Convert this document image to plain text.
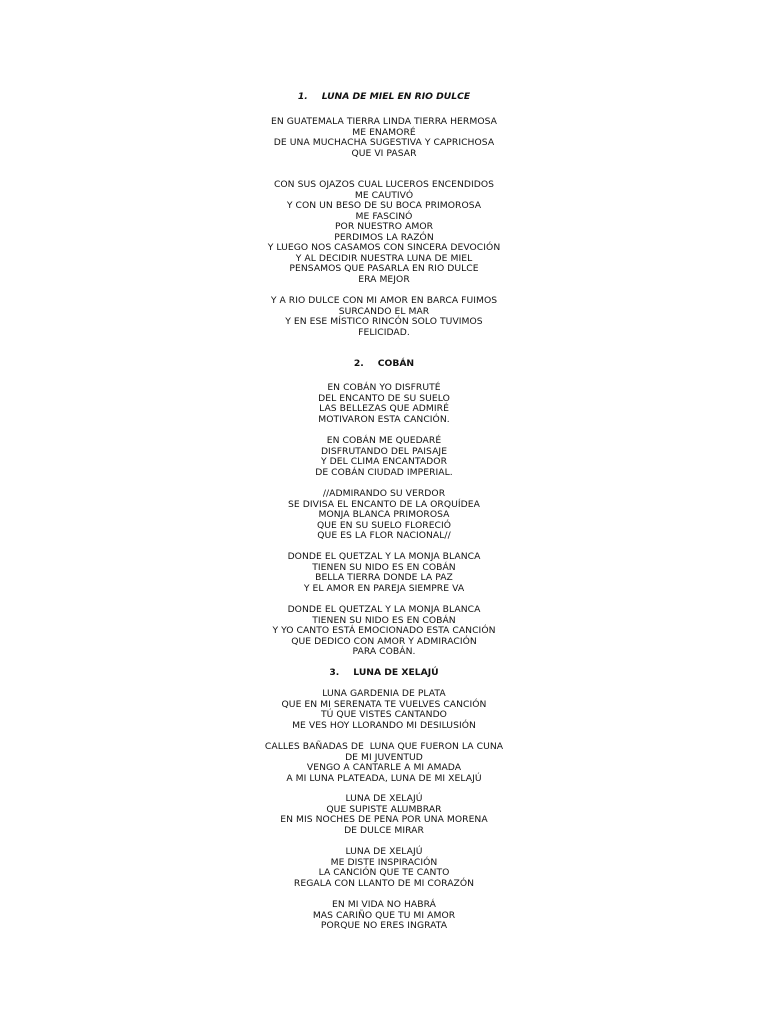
1. LUNA DE MIEL EN RIO DULCE
EN GUATEMALA TIERRA LINDA TIERRA HERMOSA
ME ENAMORÉ
DE UNA MUCHACHA SUGESTIVA Y CAPRICHOSA
QUE VI PASAR
CON SUS OJAZOS CUAL LUCEROS ENCENDIDOS
ME CAUTIVÓ
Y CON UN BESO DE SU BOCA PRIMOROSA
ME FASCINÓ
POR NUESTRO AMOR
PERDIMOS LA RAZÓN
Y LUEGO NOS CASAMOS CON SINCERA DEVOCIÓN
Y AL DECIDIR NUESTRA LUNA DE MIEL
PENSAMOS QUE PASARLA EN RIO DULCE
ERA MEJOR
Y A RIO DULCE CON MI AMOR EN BARCA FUIMOS
SURCANDO EL MAR
Y EN ESE MÍSTICO RINCÓN SOLO TUVIMOS
FELICIDAD.
2. COBÁN
EN COBÁN YO DISFRUTÉ
DEL ENCANTO DE SU SUELO
LAS BELLEZAS QUE ADMIRÉ
MOTIVARON ESTA CANCIÓN.
EN COBÁN ME QUEDARÉ
DISFRUTANDO DEL PAISAJE
Y DEL CLIMA ENCANTADOR
DE COBÁN CIUDAD IMPERIAL.
//ADMIRANDO SU VERDOR
SE DIVISA EL ENCANTO DE LA ORQUÍDEA
MONJA BLANCA PRIMOROSA
QUE EN SU SUELO FLORECIÓ
QUE ES LA FLOR NACIONAL//
DONDE EL QUETZAL Y LA MONJA BLANCA
TIENEN SU NIDO ES EN COBÁN
BELLA TIERRA DONDE LA PAZ
Y EL AMOR EN PAREJA SIEMPRE VA
DONDE EL QUETZAL Y LA MONJA BLANCA
TIENEN SU NIDO ES EN COBÁN
Y YO CANTO ESTÁ EMOCIONADO ESTA CANCIÓN
QUE DEDICO CON AMOR Y ADMIRACIÓN
PARA COBÁN.
3. LUNA DE XELAJÚ
LUNA GARDENIA DE PLATA
QUE EN MI SERENATA TE VUELVES CANCIÓN
TÚ QUE VISTES CANTANDO
ME VES HOY LLORANDO MI DESILUSIÓN
CALLES BAÑADAS DE  LUNA QUE FUERON LA CUNA
DE MI JUVENTUD
VENGO A CANTARLE A MI AMADA
A MI LUNA PLATEADA, LUNA DE MI XELAJÚ
LUNA DE XELAJÚ
QUE SUPISTE ALUMBRAR
EN MIS NOCHES DE PENA POR UNA MORENA
DE DULCE MIRAR
LUNA DE XELAJÚ
ME DISTE INSPIRACIÓN
LA CANCIÓN QUE TE CANTO
REGALA CON LLANTO DE MI CORAZÓN
EN MI VIDA NO HABRÁ
MAS CARIÑO QUE TU MI AMOR
PORQUE NO ERES INGRATA
